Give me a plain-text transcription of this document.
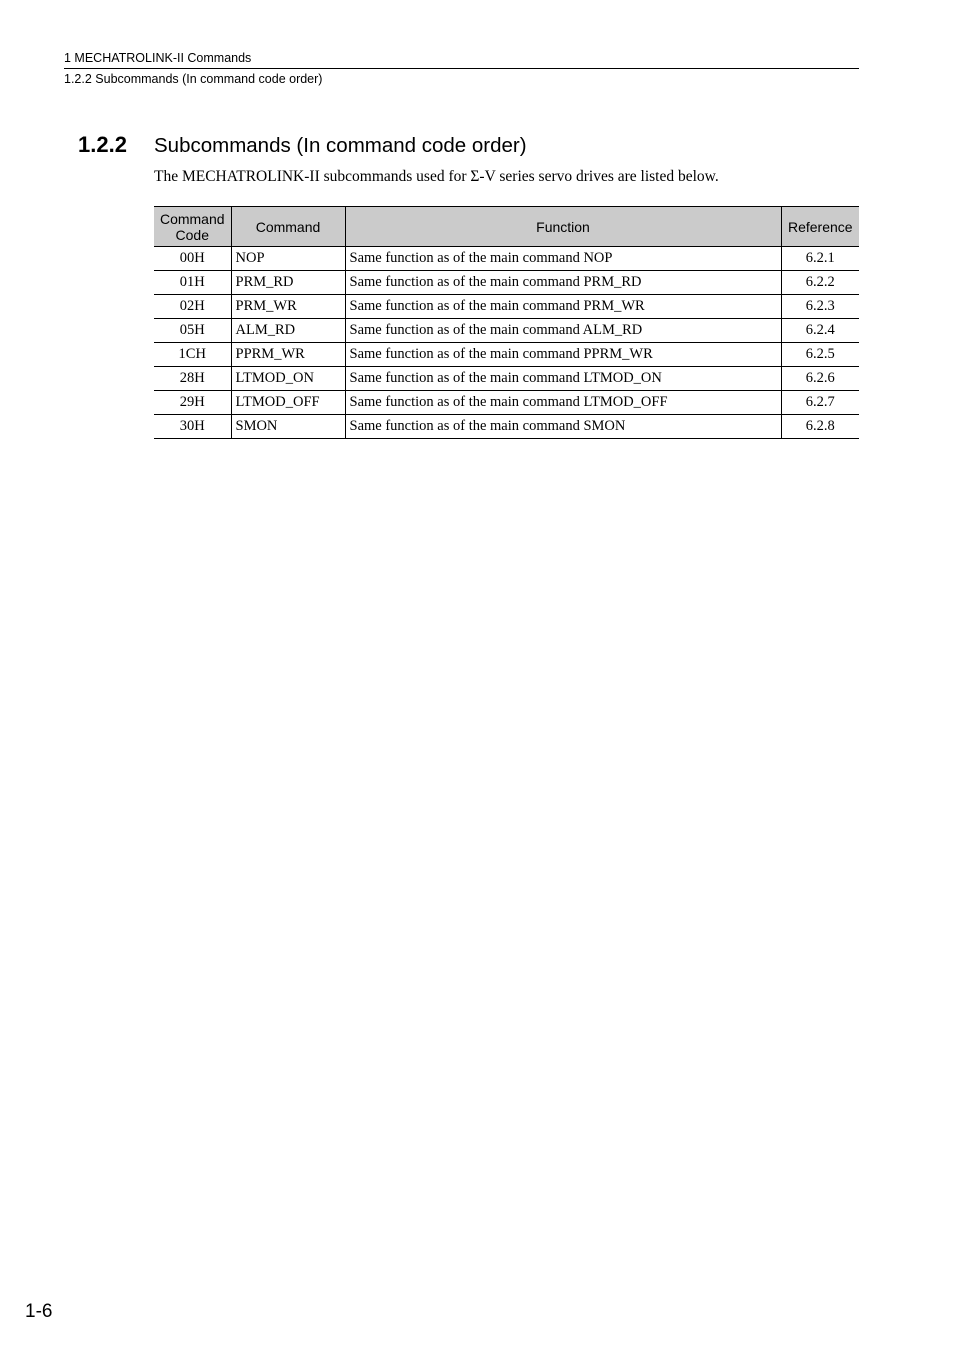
1 MECHATROLINK-II Commands
1.2.2 Subcommands (In command code order)
1.2.2 Subcommands (In command code order)
The MECHATROLINK-II subcommands used for Σ-V series servo drives are listed below.
Command
Code	Command	Function	Reference
00H	NOP	Same function as of the main command NOP	6.2.1
01H	PRM_RD	Same function as of the main command PRM_RD	6.2.2
02H	PRM_WR	Same function as of the main command PRM_WR	6.2.3
05H	ALM_RD	Same function as of the main command ALM_RD	6.2.4
1CH	PPRM_WR	Same function as of the main command PPRM_WR	6.2.5
28H	LTMOD_ON	Same function as of the main command LTMOD_ON	6.2.6
29H	LTMOD_OFF	Same function as of the main command LTMOD_OFF	6.2.7
30H	SMON	Same function as of the main command SMON	6.2.8
1-6
